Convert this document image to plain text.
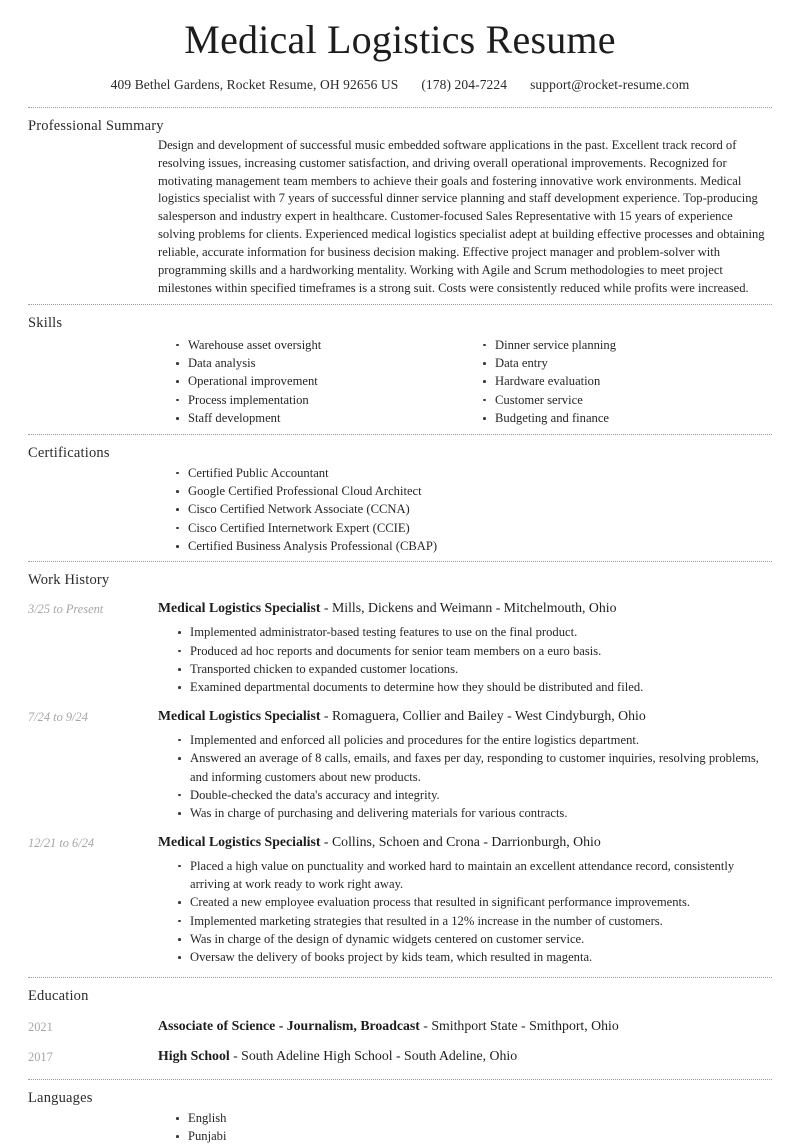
Medical Logistics Resume
409 Bethel Gardens, Rocket Resume, OH 92656 US (178) 204-7224 support@rocket-resume.com
Professional Summary

Design and development of successful music embedded software applications in the past. Excellent track record of resolving issues, increasing customer satisfaction, and driving overall operational improvements. Recognized for motivating management team members to achieve their goals and fostering innovative work environments. Medical logistics specialist with 7 years of successful dinner service planning and staff development experience. Top-producing salesperson and industry expert in healthcare. Customer-focused Sales Representative with 15 years of experience solving problems for clients. Experienced medical logistics specialist adept at building effective processes and obtaining reliable, accurate information for business decision making. Effective project manager and problem-solver with programming skills and a hardworking mentality. Working with Agile and Scrum methodologies to meet project milestones within specified timeframes is a strong suit. Costs were consistently reduced while profits were increased.

Skills
Warehouse asset oversight
Data analysis
Operational improvement
Process implementation
Staff development
Dinner service planning
Data entry
Hardware evaluation
Customer service
Budgeting and finance
Certifications
Certified Public Accountant
Google Certified Professional Cloud Architect
Cisco Certified Network Associate (CCNA)
Cisco Certified Internetwork Expert (CCIE)
Certified Business Analysis Professional (CBAP)
Work History
3/25 to Present	Medical Logistics Specialist - Mills, Dickens and Weimann - Mitchelmouth, Ohio
Implemented administrator-based testing features to use on the final product.
Produced ad hoc reports and documents for senior team members on a euro basis.
Transported chicken to expanded customer locations.
Examined departmental documents to determine how they should be distributed and filed.
7/24 to 9/24	Medical Logistics Specialist - Romaguera, Collier and Bailey - West Cindyburgh, Ohio
Implemented and enforced all policies and procedures for the entire logistics department.
Answered an average of 8 calls, emails, and faxes per day, responding to customer inquiries, resolving problems, and informing customers about new products.
Double-checked the data's accuracy and integrity.
Was in charge of purchasing and delivering materials for various contracts.
12/21 to 6/24	Medical Logistics Specialist - Collins, Schoen and Crona - Darrionburgh, Ohio
Placed a high value on punctuality and worked hard to maintain an excellent attendance record, consistently arriving at work ready to work right away.
Created a new employee evaluation process that resulted in significant performance improvements.
Implemented marketing strategies that resulted in a 12% increase in the number of customers.
Was in charge of the design of dynamic widgets centered on customer service.
Oversaw the delivery of books project by kids team, which resulted in magenta.
Education
2021	Associate of Science - Journalism, Broadcast - Smithport State - Smithport, Ohio
2017	High School - South Adeline High School - South Adeline, Ohio
Languages
English
Punjabi
